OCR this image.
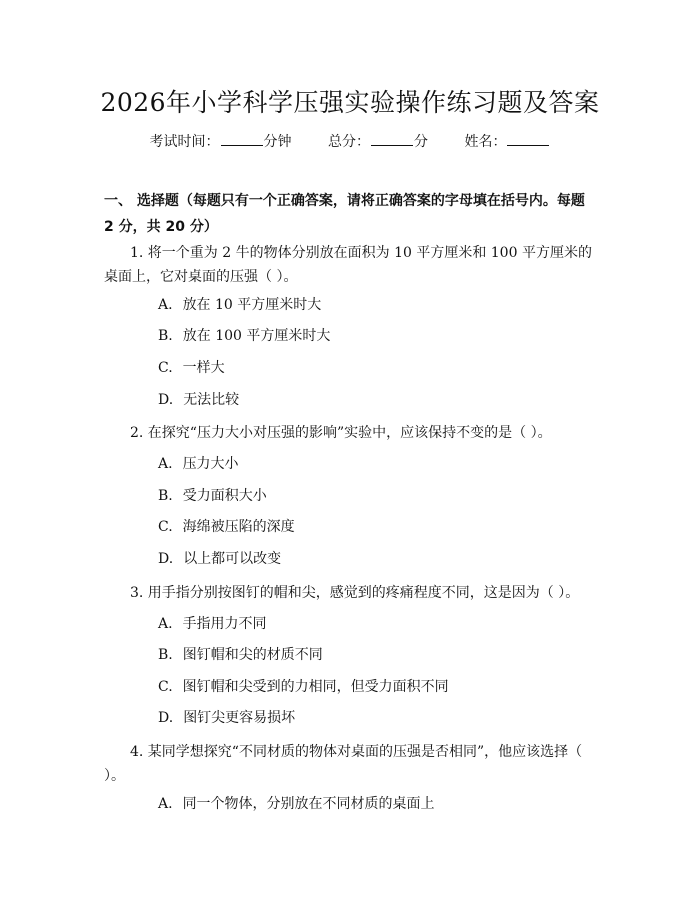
2026年小学科学压强实验操作练习题及答案
考试时间：	分钟	总分：	分	姓名：
一、 选择题（每题只有一个正确答案，请将正确答案的字母填在括号内。每题 2 分，共 20 分）
1. 将一个重为 2 牛的物体分别放在面积为 10 平方厘米和 100 平方厘米的桌面上，它对桌面的压强（ ）。
A. 放在 10 平方厘米时大
B. 放在 100 平方厘米时大
C. 一样大
D. 无法比较
2. 在探究“压力大小对压强的影响”实验中，应该保持不变的是（ ）。
A. 压力大小
B. 受力面积大小
C. 海绵被压陷的深度
D. 以上都可以改变
3. 用手指分别按图钉的帽和尖，感觉到的疼痛程度不同，这是因为（ ）。
A. 手指用力不同
B. 图钉帽和尖的材质不同
C. 图钉帽和尖受到的力相同，但受力面积不同
D. 图钉尖更容易损坏
4. 某同学想探究“不同材质的物体对桌面的压强是否相同”，他应该选择（ ）。
A. 同一个物体，分别放在不同材质的桌面上
